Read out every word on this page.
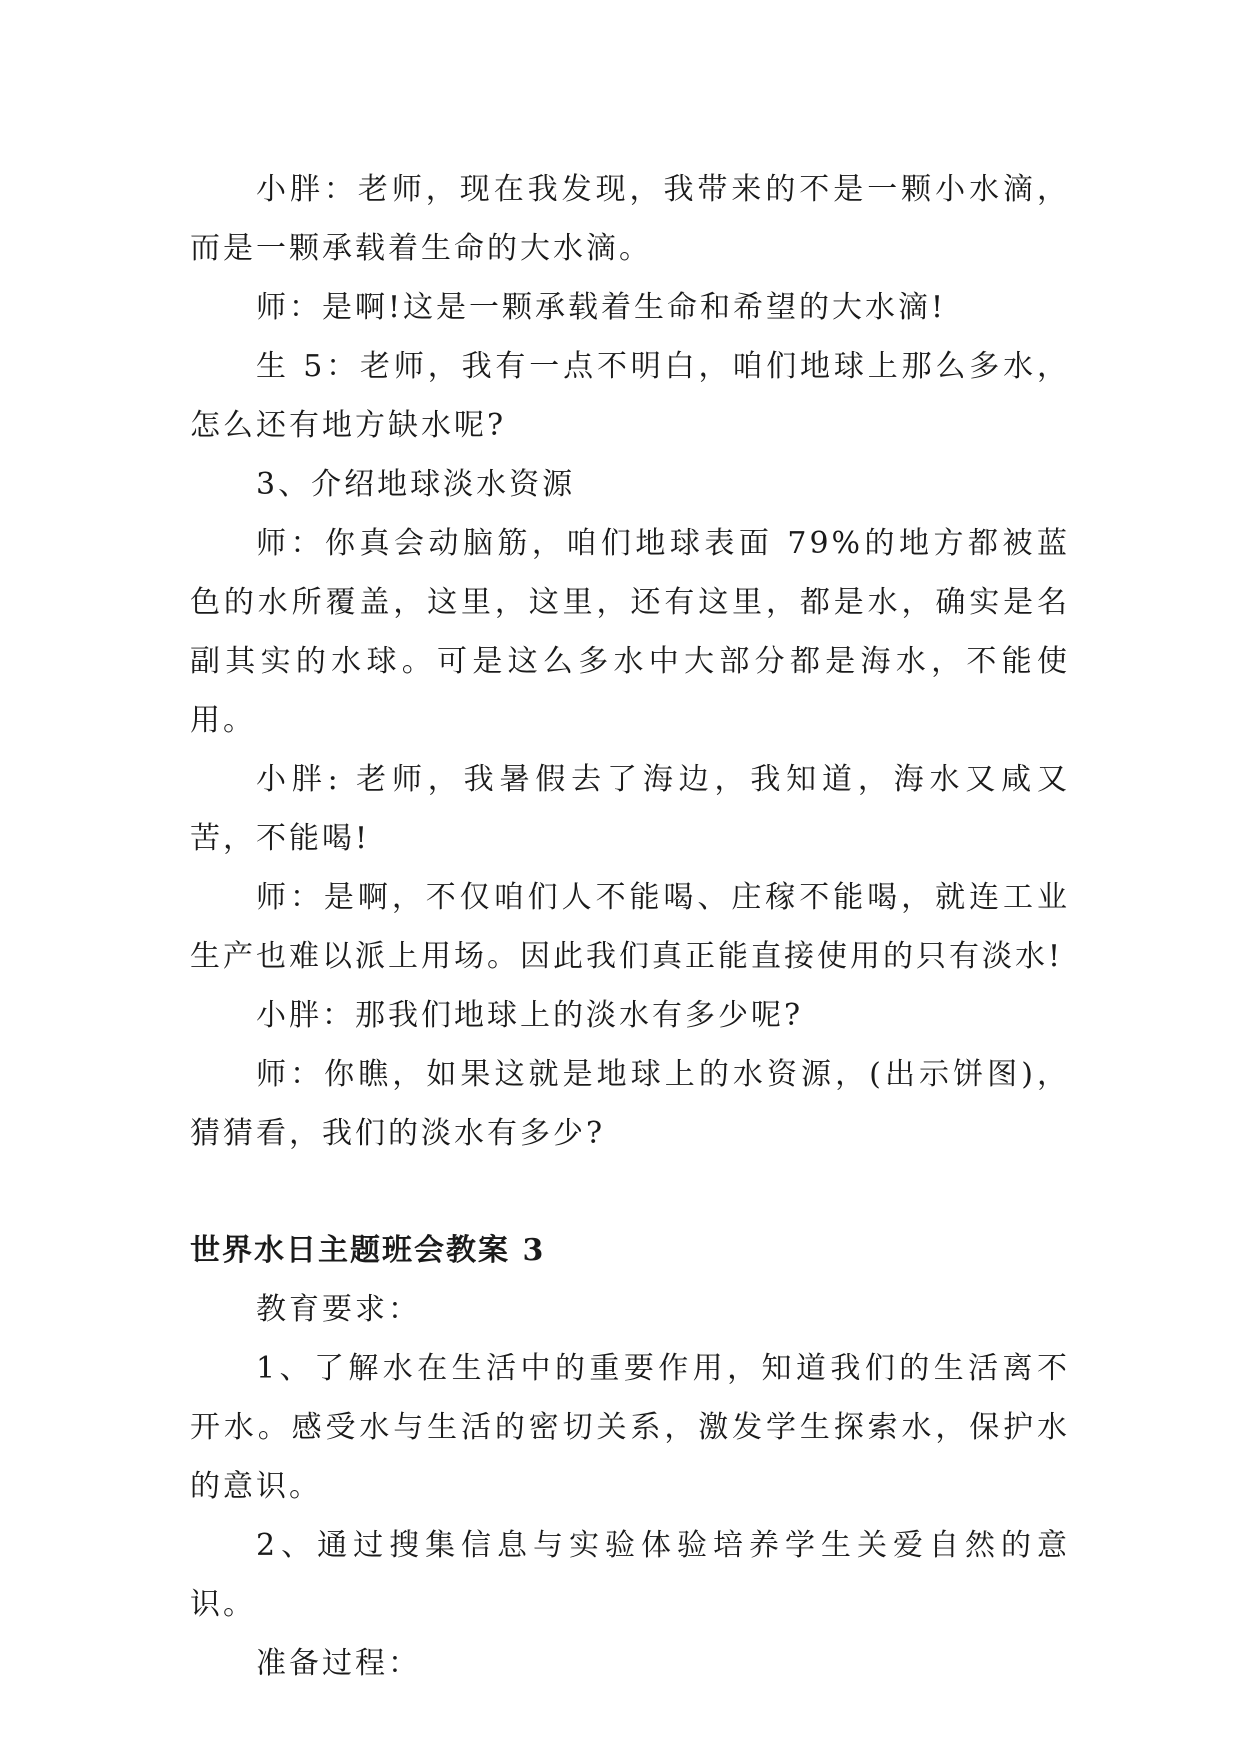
小胖：老师，现在我发现，我带来的不是一颗小水滴，而是一颗承载着生命的大水滴。

师：是啊!这是一颗承载着生命和希望的大水滴!

生 5：老师，我有一点不明白，咱们地球上那么多水，怎么还有地方缺水呢?

3、介绍地球淡水资源

师：你真会动脑筋，咱们地球表面 79%的地方都被蓝色的水所覆盖，这里，这里，还有这里，都是水，确实是名副其实的水球。可是这么多水中大部分都是海水，不能使用。

小胖: 老师，我暑假去了海边，我知道，海水又咸又苦，不能喝!

师：是啊，不仅咱们人不能喝、庄稼不能喝，就连工业生产也难以派上用场。因此我们真正能直接使用的只有淡水!

小胖：那我们地球上的淡水有多少呢?

师：你瞧，如果这就是地球上的水资源，(出示饼图)，猜猜看，我们的淡水有多少?

世界水日主题班会教案 3

教育要求：

1、了解水在生活中的重要作用，知道我们的生活离不开水。感受水与生活的密切关系，激发学生探索水，保护水的意识。

2、通过搜集信息与实验体验培养学生关爱自然的意识。

准备过程：
